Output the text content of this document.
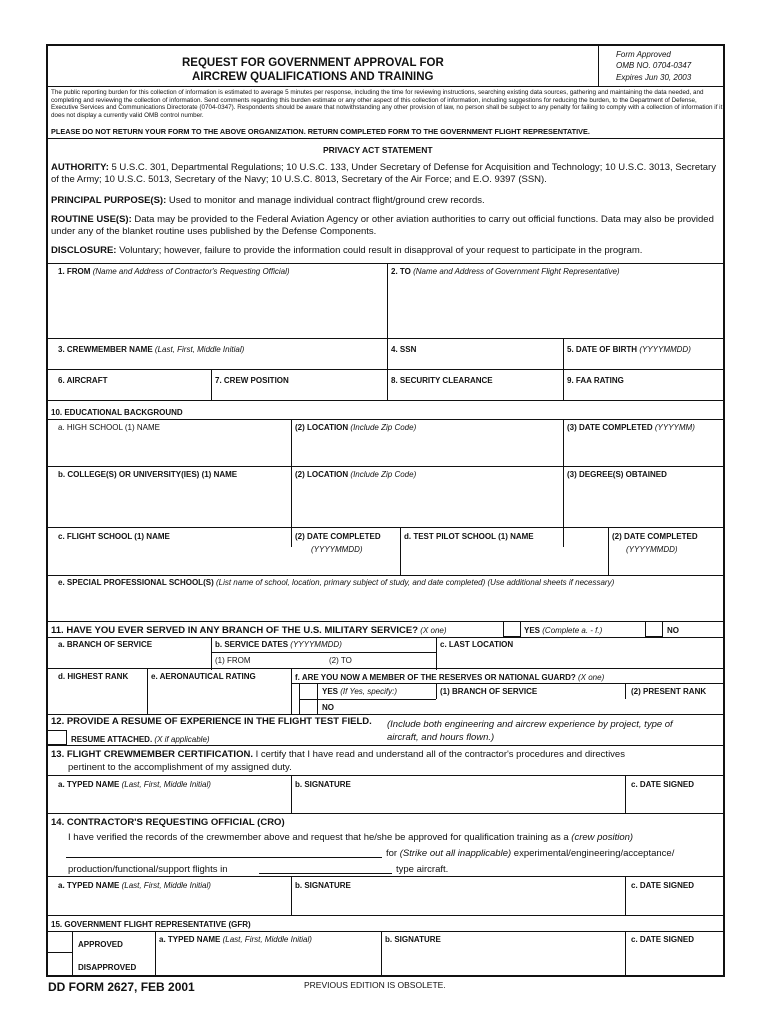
REQUEST FOR GOVERNMENT APPROVAL FOR
AIRCREW QUALIFICATIONS AND TRAINING
Form Approved
OMB NO. 0704-0347
Expires Jun 30, 2003
The public reporting burden for this collection of information is estimated to average 5 minutes per response, including the time for reviewing instructions, searching existing data sources, gathering and maintaining the data needed, and completing and reviewing the collection of information. Send comments regarding this burden estimate or any other aspect of this collection of information, including suggestions for reducing the burden, to the Department of Defense, Executive Services and Communications Directorate (0704-0347). Respondents should be aware that notwithstanding any other provision of law, no person shall be subject to any penalty for failing to comply with a collection of information if it does not display a currently valid OMB control number.
PLEASE DO NOT RETURN YOUR FORM TO THE ABOVE ORGANIZATION. RETURN COMPLETED FORM TO THE GOVERNMENT FLIGHT REPRESENTATIVE.
PRIVACY ACT STATEMENT
AUTHORITY: 5 U.S.C. 301, Departmental Regulations; 10 U.S.C. 133, Under Secretary of Defense for Acquisition and Technology; 10 U.S.C. 3013, Secretary of the Army; 10 U.S.C. 5013, Secretary of the Navy; 10 U.S.C. 8013, Secretary of the Air Force; and E.O. 9397 (SSN).
PRINCIPAL PURPOSE(S): Used to monitor and manage individual contract flight/ground crew records.
ROUTINE USE(S): Data may be provided to the Federal Aviation Agency or other aviation authorities to carry out official functions. Data may also be provided under any of the blanket routine uses published by the Defense Components.
DISCLOSURE: Voluntary; however, failure to provide the information could result in disapproval of your request to participate in the program.
1. FROM (Name and Address of Contractor's Requesting Official)	2. TO (Name and Address of Government Flight Representative)
3. CREWMEMBER NAME (Last, First, Middle Initial)	4. SSN	5. DATE OF BIRTH (YYYYMMDD)
6. AIRCRAFT	7. CREW POSITION	8. SECURITY CLEARANCE	9. FAA RATING
10. EDUCATIONAL BACKGROUND
a. HIGH SCHOOL (1) NAME	(2) LOCATION (Include Zip Code)	(3) DATE COMPLETED (YYYYMM)
b. COLLEGE(S) OR UNIVERSITY(IES) (1) NAME	(2) LOCATION (Include Zip Code)	(3) DEGREE(S) OBTAINED
c. FLIGHT SCHOOL (1) NAME	(2) DATE COMPLETED
(YYYYMMDD)
d. TEST PILOT SCHOOL (1) NAME	(2) DATE COMPLETED
(YYYYMMDD)
e. SPECIAL PROFESSIONAL SCHOOL(S) (List name of school, location, primary subject of study, and date completed) (Use additional sheets if necessary)
11. HAVE YOU EVER SERVED IN ANY BRANCH OF THE U.S. MILITARY SERVICE? (X one)	YES (Complete a. - f.)	NO
a. BRANCH OF SERVICE	b. SERVICE DATES (YYYYMMDD)
(1) FROM	(2) TO
c. LAST LOCATION
d. HIGHEST RANK	e. AERONAUTICAL RATING	f. ARE YOU NOW A MEMBER OF THE RESERVES OR NATIONAL GUARD? (X one)
YES (If Yes, specify:)	(1) BRANCH OF SERVICE	(2) PRESENT RANK
NO
12. PROVIDE A RESUME OF EXPERIENCE IN THE FLIGHT TEST FIELD. (Include both engineering and aircrew experience by project, type of
aircraft, and hours flown.)
RESUME ATTACHED. (X if applicable)
13. FLIGHT CREWMEMBER CERTIFICATION. I certify that I have read and understand all of the contractor's procedures and directives
pertinent to the accomplishment of my assigned duty.
a. TYPED NAME (Last, First, Middle Initial)	b. SIGNATURE	c. DATE SIGNED
14. CONTRACTOR'S REQUESTING OFFICIAL (CRO)
I have verified the records of the crewmember above and request that he/she be approved for qualification training as a (crew position)
for (Strike out all inapplicable) experimental/engineering/acceptance/
production/functional/support flights in	type aircraft.
a. TYPED NAME (Last, First, Middle Initial)	b. SIGNATURE	c. DATE SIGNED
15. GOVERNMENT FLIGHT REPRESENTATIVE (GFR)
APPROVED
DISAPPROVED
a. TYPED NAME (Last, First, Middle Initial)	b. SIGNATURE	c. DATE SIGNED
DD FORM 2627, FEB 2001	PREVIOUS EDITION IS OBSOLETE.
